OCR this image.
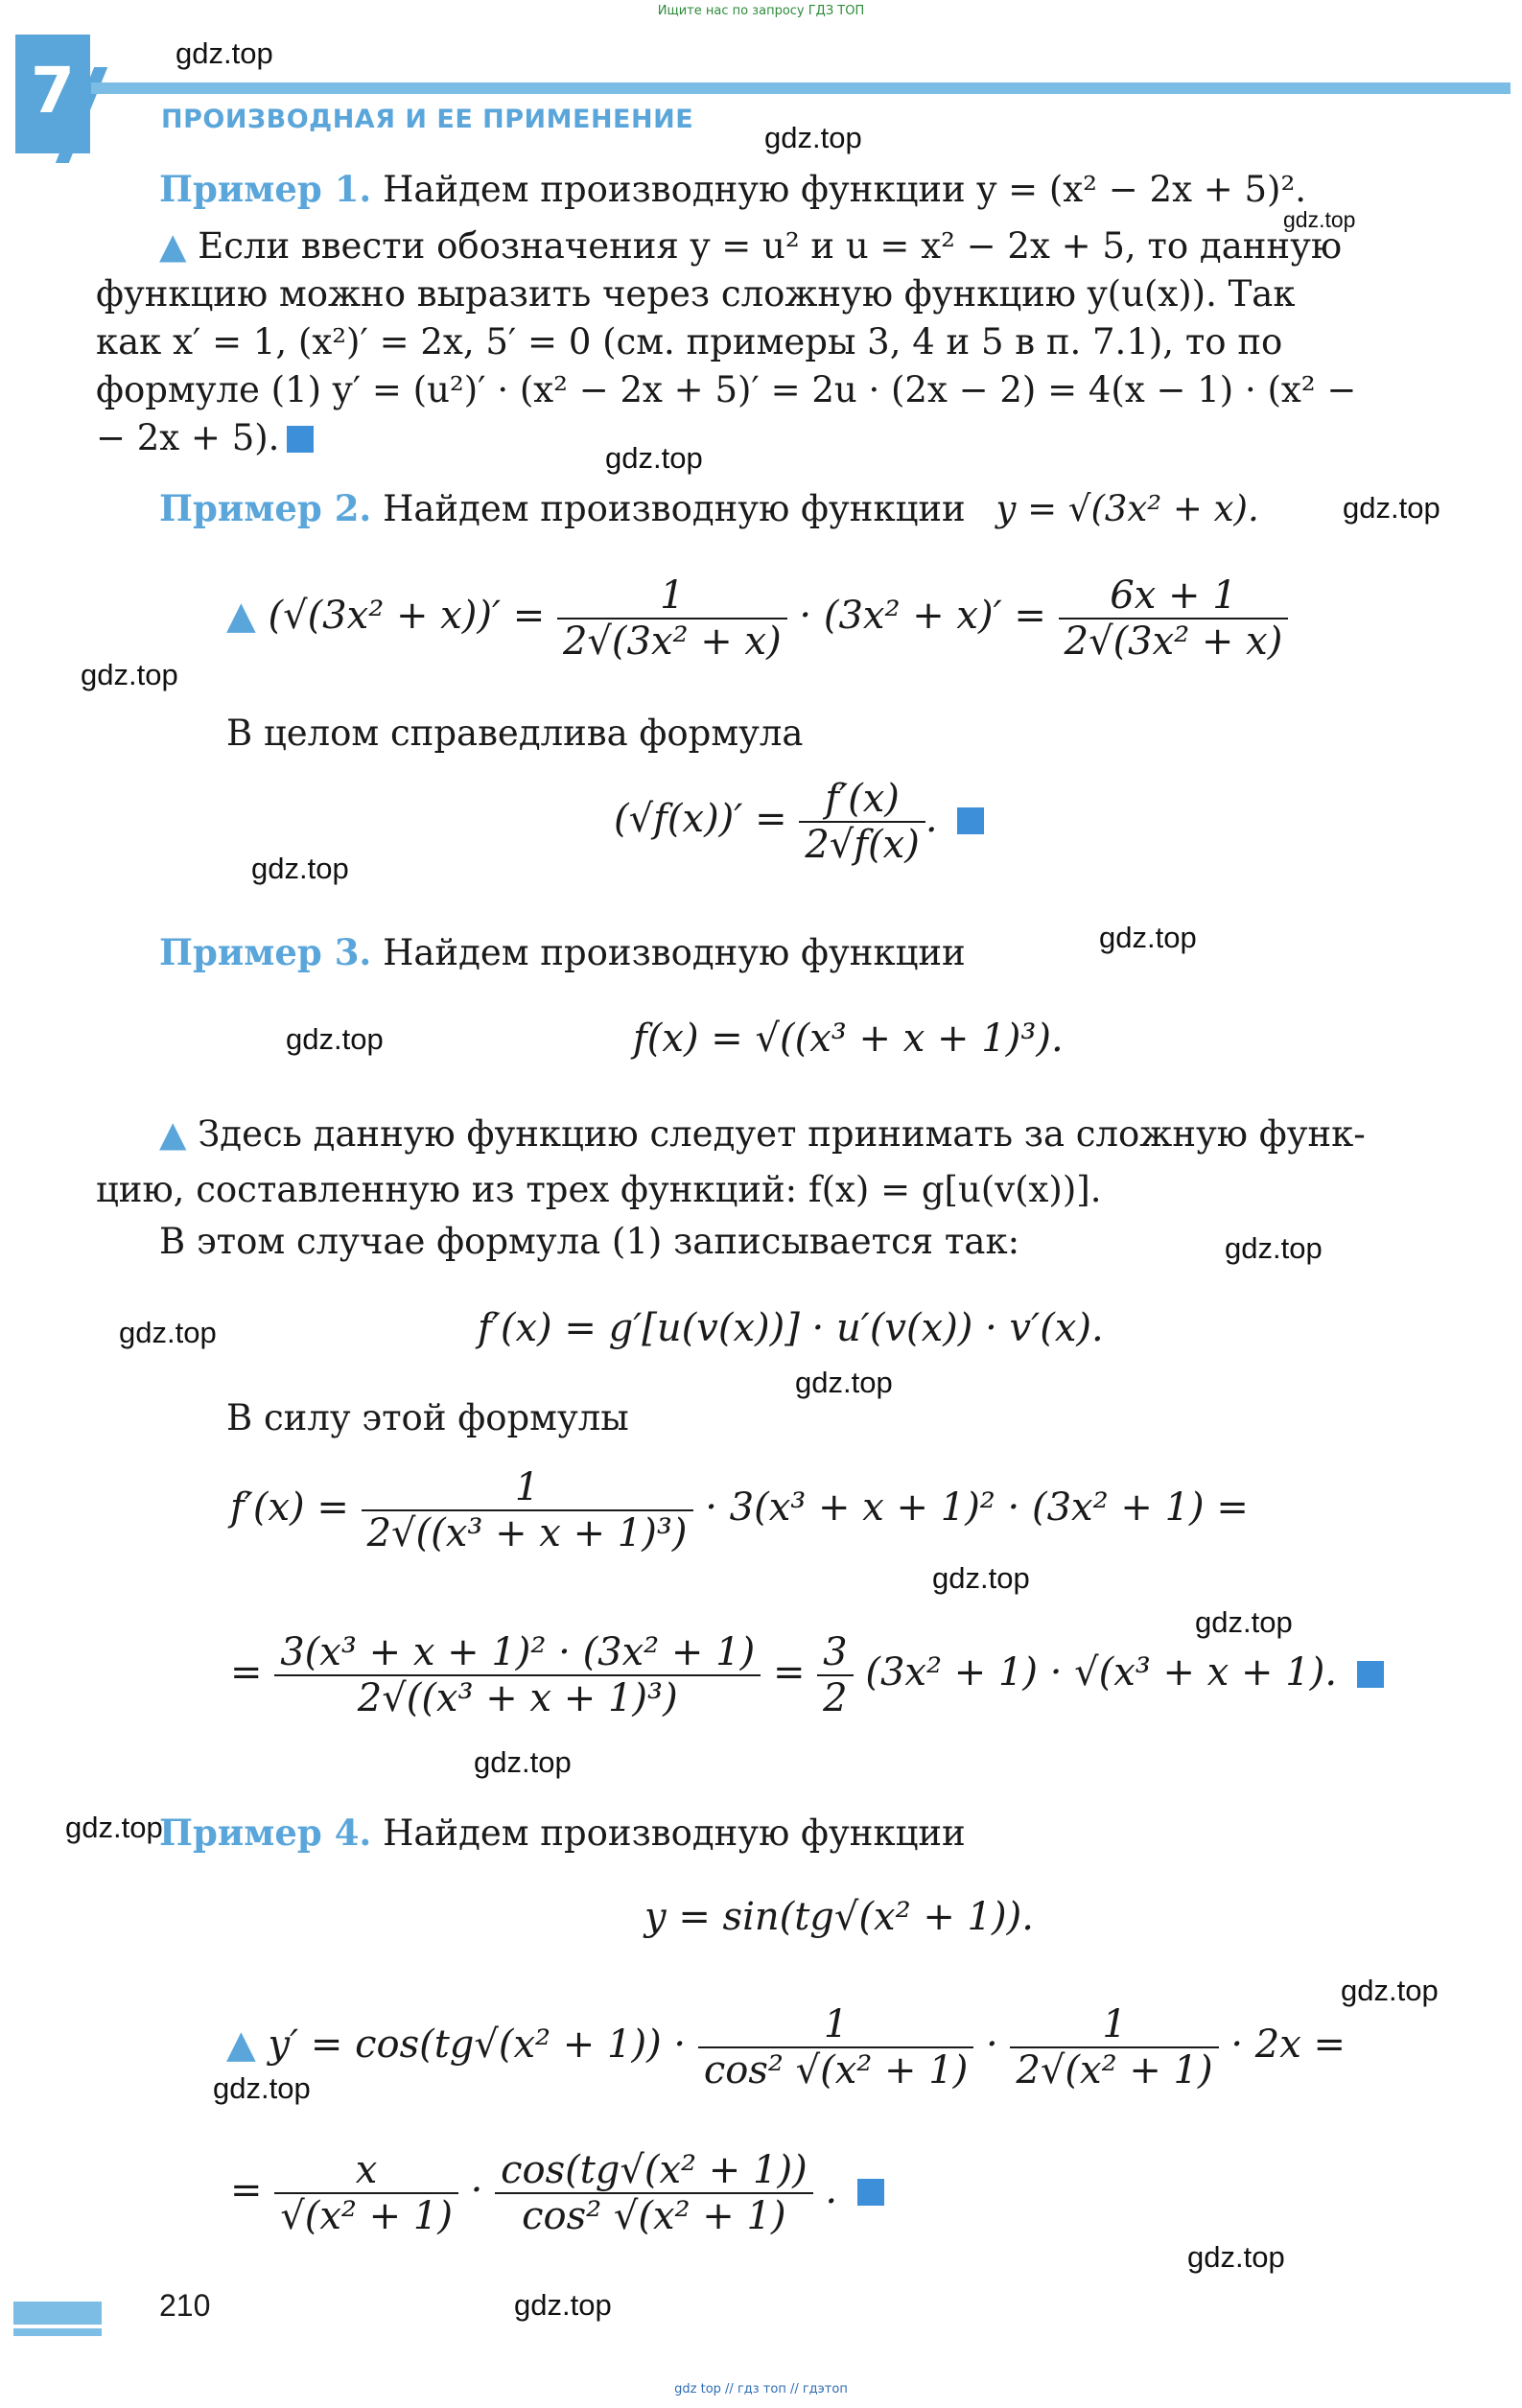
Ищите нас по запросу ГДЗ ТОП
7	ПРОИЗВОДНАЯ И ЕЕ ПРИМЕНЕНИЕ
Пример 1. Найдем производную функции y = (x² − 2x + 5)².
▲ Если ввести обозначения y = u² и u = x² − 2x + 5, то данную
функцию можно выразить через сложную функцию y(u(x)). Так
как x′ = 1, (x²)′ = 2x, 5′ = 0 (см. примеры 3, 4 и 5 в п. 7.1), то по
формуле (1) y′ = (u²)′ · (x² − 2x + 5)′ = 2u · (2x − 2) = 4(x − 1) · (x² −
− 2x + 5).
Пример 2. Найдем производную функции y = √(3x² + x).
▲ $(√(3x^2 + x))' = \frac{1}{\text{2√(3x² + x)}} \cdot (3x^2 + x)' = \frac{6x + 1}{\text{2√(3x² + x)}}$
В целом справедлива формула
$(√f(x))' = \frac{f'(x)}{2√f(x)}$ .
Пример 3. Найдем производную функции
f(x) = √((x³ + x + 1)³).
▲ Здесь данную функцию следует принимать за сложную функ-
цию, составленную из трех функций: f(x) = g[u(v(x))].
В этом случае формула (1) записывается так:
f′(x) = g′[u(v(x))] · u′(v(x)) · v′(x).
В силу этой формулы
$f'(x) = \frac{1}{\text{2√((x³ + x + 1)³)}} \cdot 3(x^3 + x + 1)^2 \cdot (3x^2 + 1)$ =
= $\frac{\text{3(x³ + x + 1)² · (3x² + 1)}}{\text{2√((x³ + x + 1)³)}} = \frac{3}{2} (3x^2 + 1) \cdot √(x^3 + x + 1)$.
Пример 4. Найдем производную функции
y = sin(tg√(x² + 1)).
▲ $y' = \cos(tg√(x^2 + 1)) \cdot \frac{1}{\text{cos² √(x² + 1)}} \cdot \frac{1}{\text{2√(x² + 1)}} \cdot 2x$ =
= $\frac{x}{\text{√(x² + 1)}} \cdot \frac{\text{cos(tg√(x² + 1))}}{\text{cos² √(x² + 1)}}$ .
gdz.top
gdz.top
gdz.top
gdz.top
gdz.top
gdz.top
gdz.top
gdz.top
gdz.top
gdz.top
gdz.top
gdz.top
gdz.top
gdz.top
gdz.top
gdz.top
gdz.top
gdz.top
gdz.top
gdz.top
210
gdz top // гдз топ // гдэтоп
